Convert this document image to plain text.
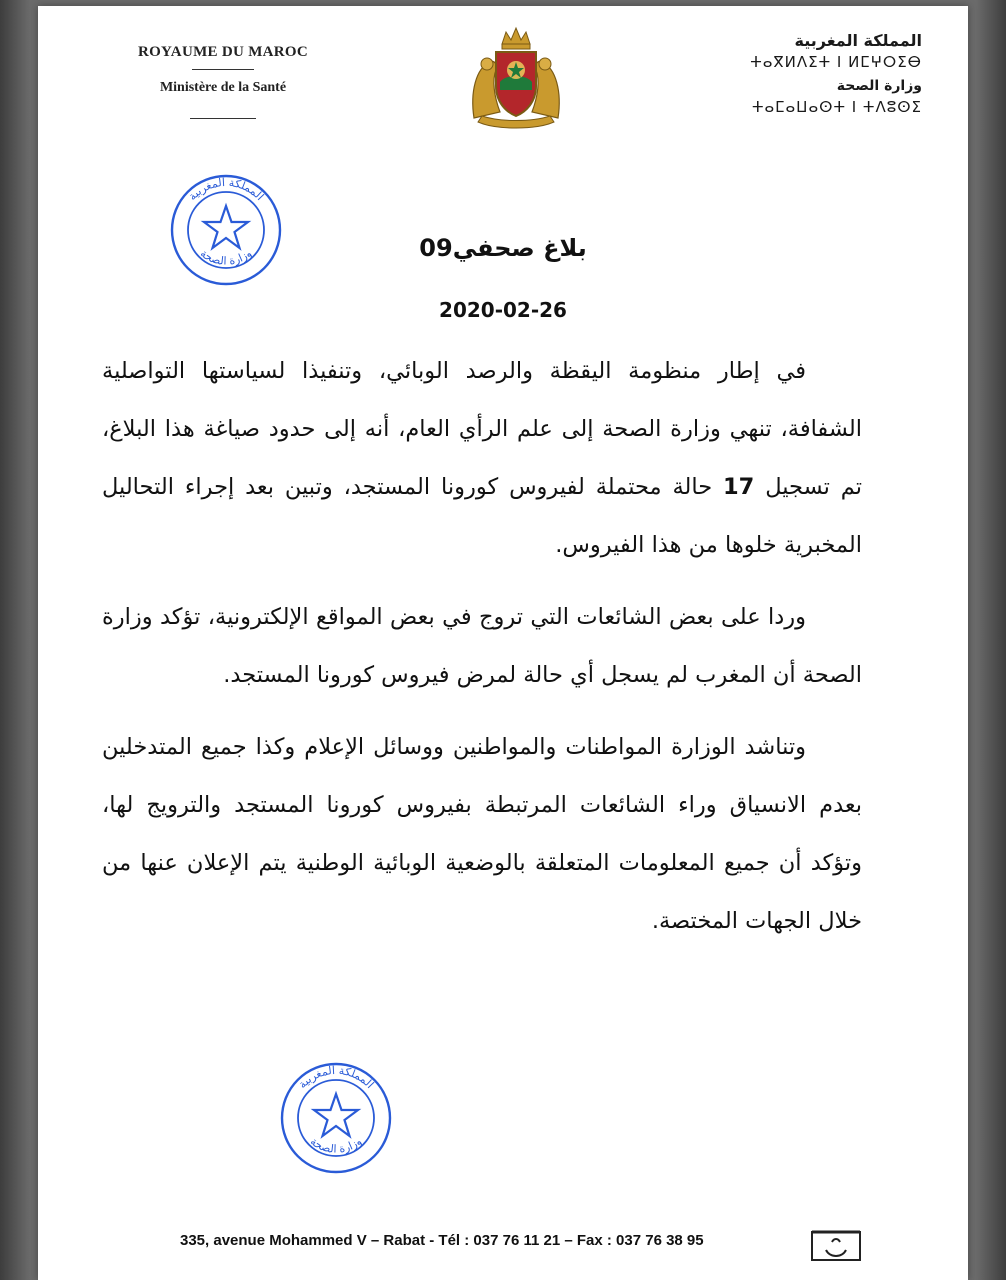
ROYAUME DU MAROC
Ministère de la Santé
المملكة المغربية
ⵜⴰⴳⵍⴷⵉⵜ ⵏ ⵍⵎⵖⵔⵉⴱ
وزارة الصحة
ⵜⴰⵎⴰⵡⴰⵙⵜ ⵏ ⵜⴷⵓⵙⵉ
المملكة المغربية
وزارة الصحة	بلاغ صحفي09
2020-02-26

في إطار منظومة اليقظة والرصد الوبائي، وتنفيذا لسياستها التواصلية الشفافة، تنهي وزارة الصحة إلى علم الرأي العام، أنه إلى حدود صياغة هذا البلاغ، تم تسجيل 17 حالة محتملة لفيروس كورونا المستجد، وتبين بعد إجراء التحاليل المخبرية خلوها من هذا الفيروس.

وردا على بعض الشائعات التي تروج في بعض المواقع الإلكترونية، تؤكد وزارة الصحة أن المغرب لم يسجل أي حالة لمرض فيروس كورونا المستجد.

وتناشد الوزارة المواطنات والمواطنين ووسائل الإعلام وكذا جميع المتدخلين بعدم الانسياق وراء الشائعات المرتبطة بفيروس كورونا المستجد والترويج لها، وتؤكد أن جميع المعلومات المتعلقة بالوضعية الوبائية الوطنية يتم الإعلان عنها من خلال الجهات المختصة.

المملكة المغربية
وزارة الصحة
335, avenue Mohammed V – Rabat - Tél : 037 76 11 21 – Fax : 037 76 38 95
